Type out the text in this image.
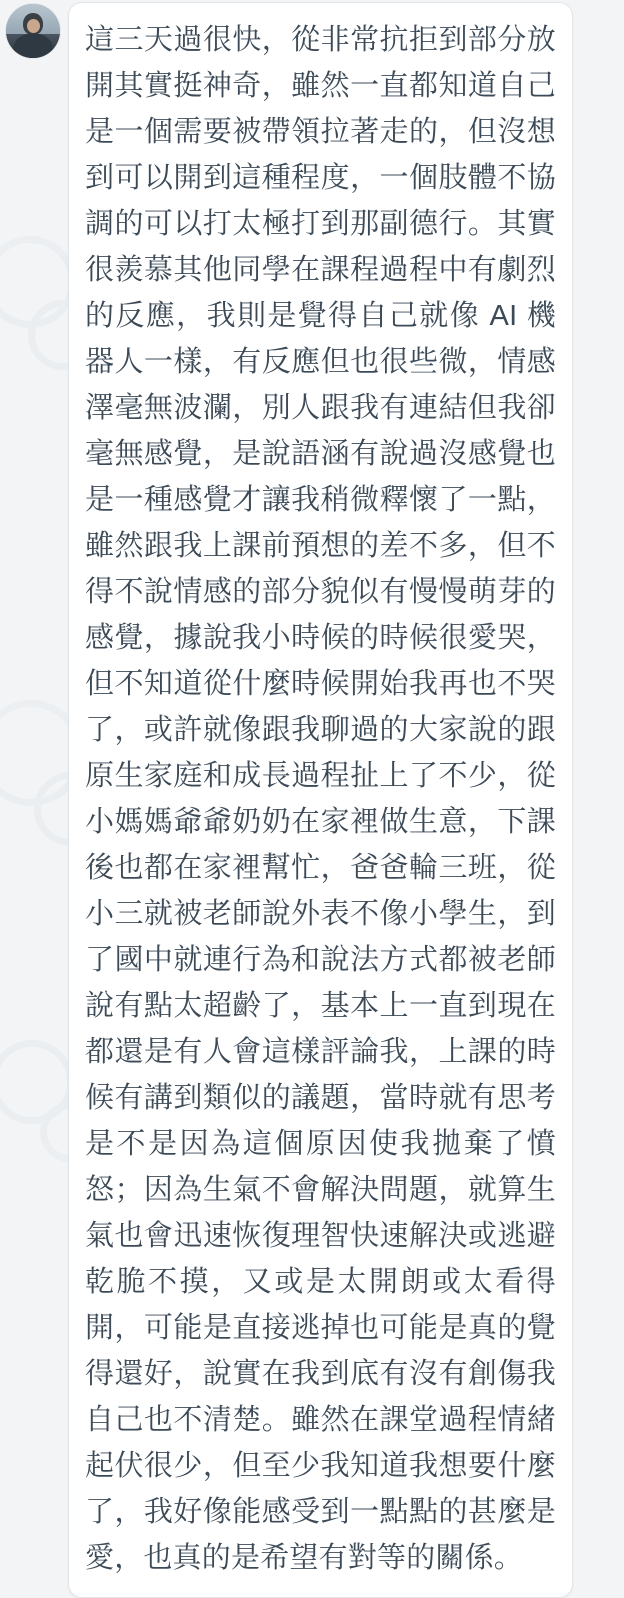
這三天過很快，從非常抗拒到部分放開其實挺神奇，雖然一直都知道自己是一個需要被帶領拉著走的，但沒想到可以開到這種程度，一個肢體不協調的可以打太極打到那副德行。其實很羨慕其他同學在課程過程中有劇烈的反應，我則是覺得自己就像 AI 機器人一樣，有反應但也很些微，情感澤毫無波瀾，別人跟我有連結但我卻毫無感覺，是說語涵有說過沒感覺也是一種感覺才讓我稍微釋懷了一點，雖然跟我上課前預想的差不多，但不得不說情感的部分貌似有慢慢萌芽的感覺，據說我小時候的時候很愛哭，但不知道從什麼時候開始我再也不哭了，或許就像跟我聊過的大家說的跟原生家庭和成長過程扯上了不少，從小媽媽爺爺奶奶在家裡做生意，下課後也都在家裡幫忙，爸爸輪三班，從小三就被老師說外表不像小學生，到了國中就連行為和說法方式都被老師說有點太超齡了，基本上一直到現在都還是有人會這樣評論我，上課的時候有講到類似的議題，當時就有思考是不是因為這個原因使我拋棄了憤怒；因為生氣不會解決問題，就算生氣也會迅速恢復理智快速解決或逃避乾脆不摸，又或是太開朗或太看得開，可能是直接逃掉也可能是真的覺得還好，說實在我到底有沒有創傷我自己也不清楚。雖然在課堂過程情緒起伏很少，但至少我知道我想要什麼了，我好像能感受到一點點的甚麼是愛，也真的是希望有對等的關係。
